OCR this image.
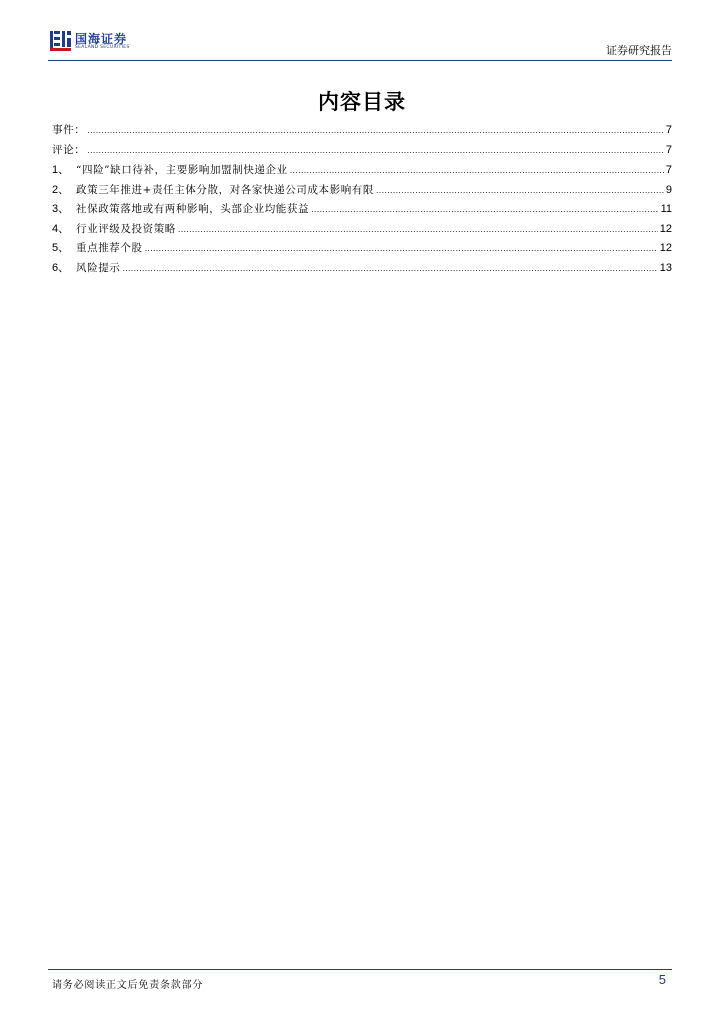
国海证券
SEALAND SECURITIES	证券研究报告
内容目录
事件： .....	7
评论： .....	7
1、 “四险”缺口待补，主要影响加盟制快递企业 .....	7
2、 政策三年推进+责任主体分散，对各家快递公司成本影响有限 .....	9
3、 社保政策落地或有两种影响，头部企业均能获益 .....	11
4、 行业评级及投资策略 .....	12
5、 重点推荐个股 .....	12
6、 风险提示 .....	13
请务必阅读正文后免责条款部分	5
